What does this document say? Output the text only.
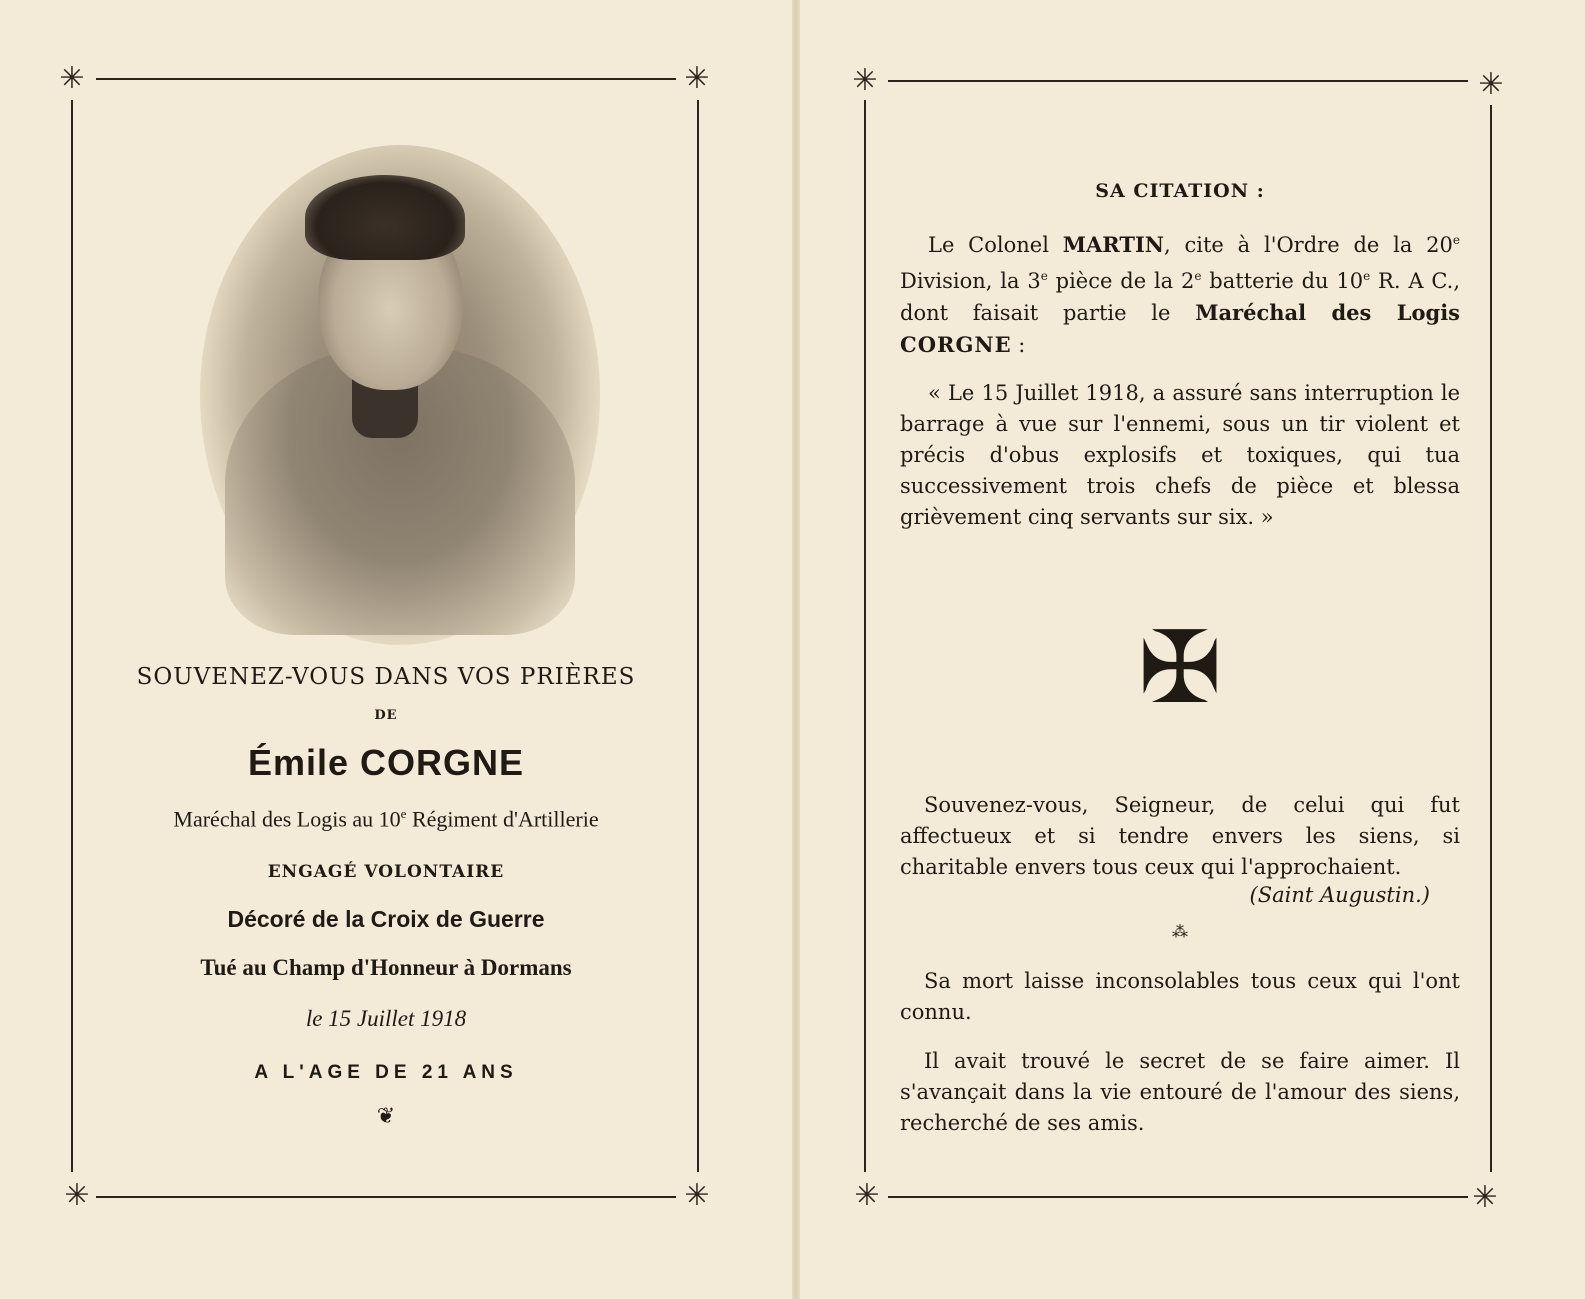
✳	✳
✳	✳
✳	✳
✳	✳

SOUVENEZ-VOUS DANS VOS PRIÈRES

DE

Émile CORGNE

Maréchal des Logis au 10e Régiment d'Artillerie

ENGAGÉ VOLONTAIRE

Décoré de la Croix de Guerre

Tué au Champ d'Honneur à Dormans

le 15 Juillet 1918

A L'AGE DE 21 ANS

❦

SA CITATION :

Le Colonel MARTIN, cite à l'Ordre de la 20e Division, la 3e pièce de la 2e batterie du 10e R. A C., dont faisait partie le Maréchal des Logis CORGNE :

« Le 15 Juillet 1918, a assuré sans interruption le barrage à vue sur l'ennemi, sous un tir violent et précis d'obus explosifs et toxiques, qui tua successivement trois chefs de pièce et blessa grièvement cinq servants sur six. »

✠

Souvenez-vous, Seigneur, de celui qui fut affectueux et si tendre envers les siens, si charitable envers tous ceux qui l'approchaient.

(Saint Augustin.)

⁂

Sa mort laisse inconsolables tous ceux qui l'ont connu.

Il avait trouvé le secret de se faire aimer. Il s'avançait dans la vie entouré de l'amour des siens, recherché de ses amis.
